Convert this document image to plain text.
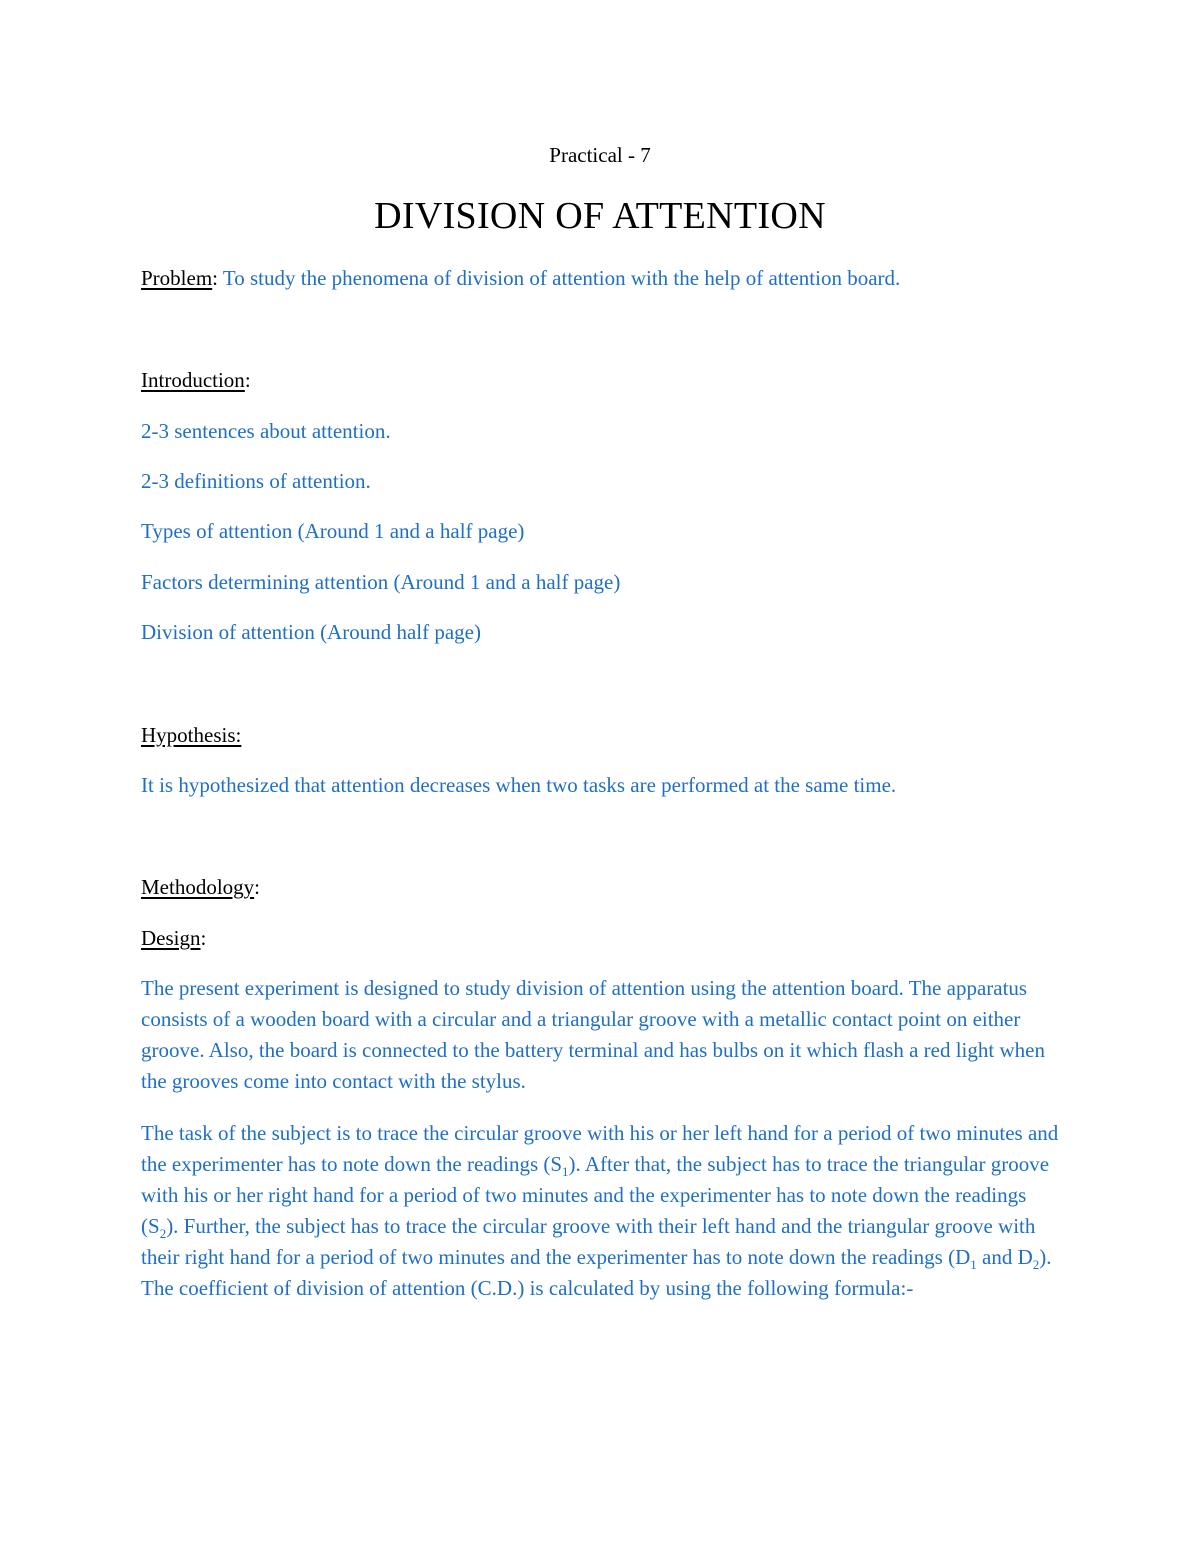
Practical - 7
DIVISION OF ATTENTION
Problem: To study the phenomena of division of attention with the help of attention board.
Introduction:
2-3 sentences about attention.
2-3 definitions of attention.
Types of attention (Around 1 and a half page)
Factors determining attention (Around 1 and a half page)
Division of attention (Around half page)
Hypothesis:
It is hypothesized that attention decreases when two tasks are performed at the same time.
Methodology:
Design:
The present experiment is designed to study division of attention using the attention board. The apparatus consists of a wooden board with a circular and a triangular groove with a metallic contact point on either groove. Also, the board is connected to the battery terminal and has bulbs on it which flash a red light when the grooves come into contact with the stylus.
The task of the subject is to trace the circular groove with his or her left hand for a period of two minutes and the experimenter has to note down the readings $(S_1)$. After that, the subject has to trace the triangular groove with his or her right hand for a period of two minutes and the experimenter has to note down the readings $(S_2)$. Further, the subject has to trace the circular groove with their left hand and the triangular groove with their right hand for a period of two minutes and the experimenter has to note down the readings ($D_1$ and $D_2$). The coefficient of division of attention (C.D.) is calculated by using the following formula:-
